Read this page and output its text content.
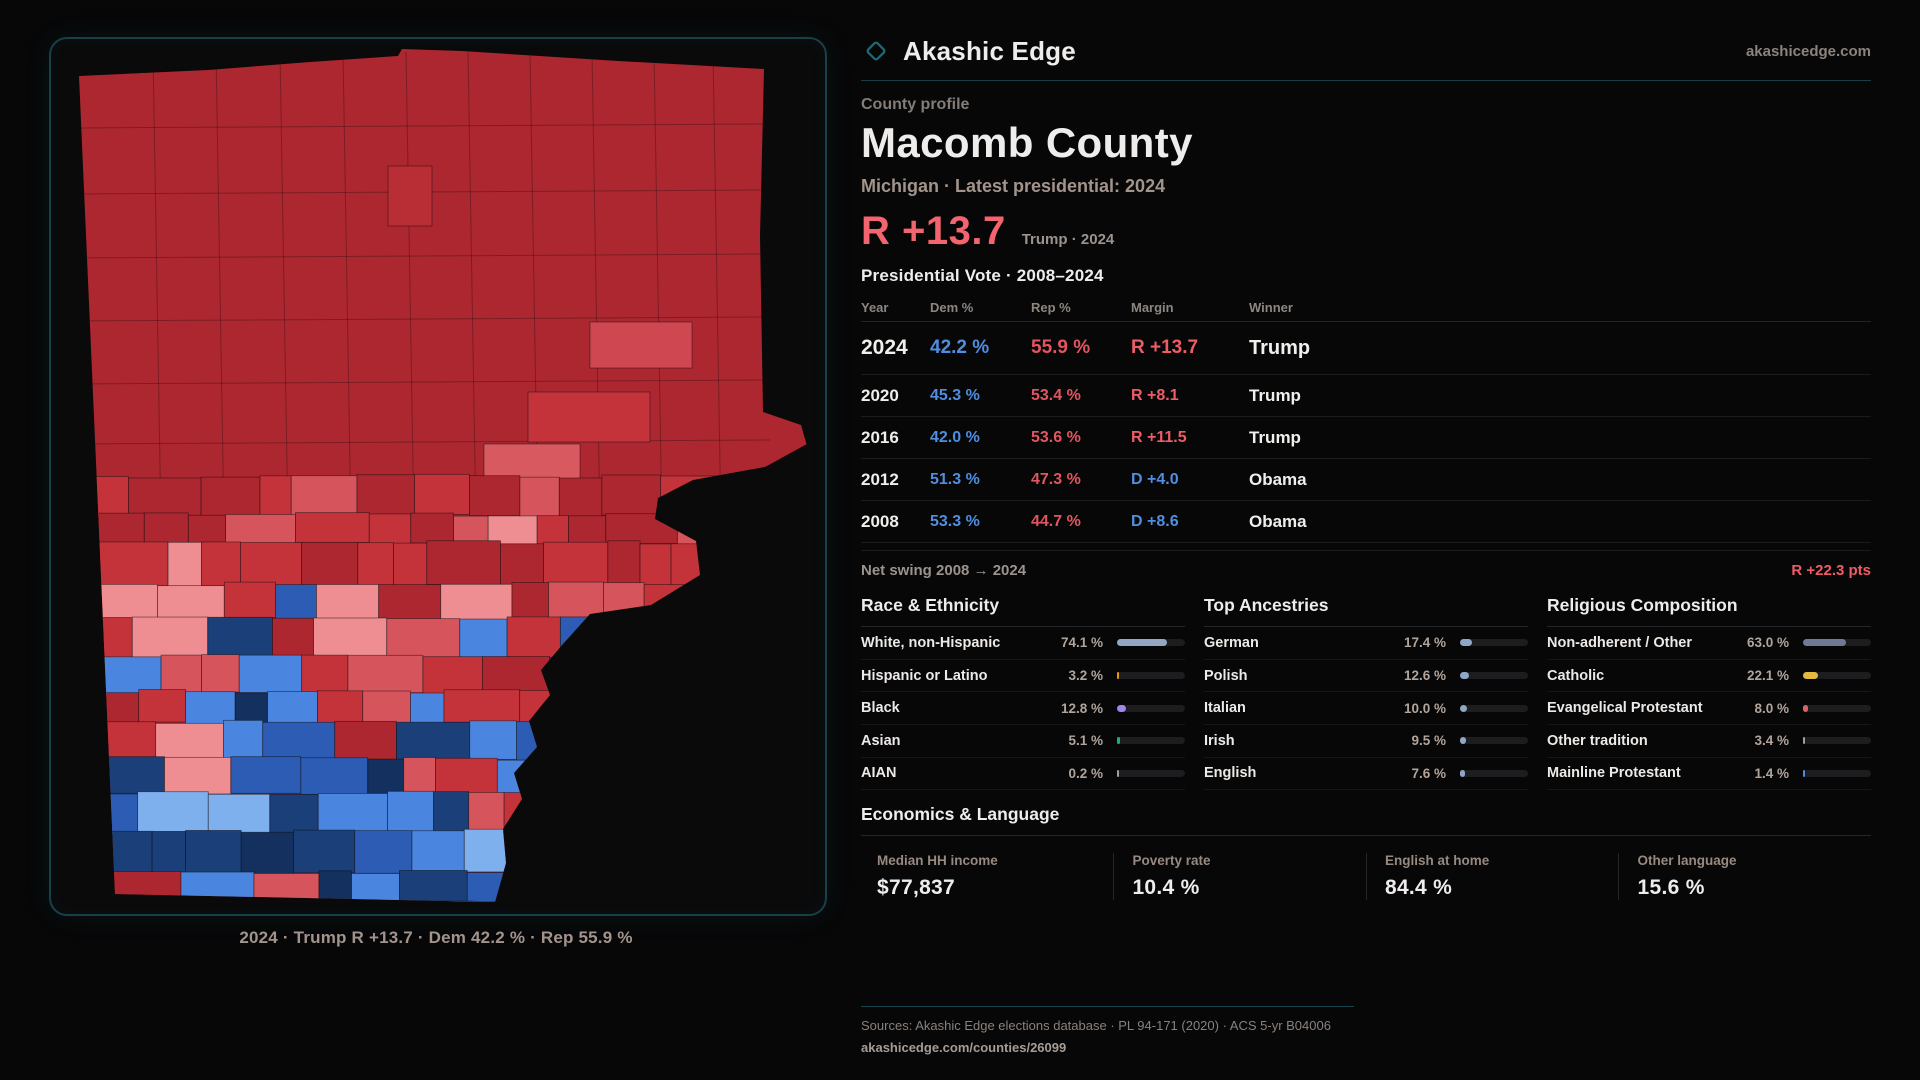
2024 · Trump R +13.7 · Dem 42.2 % · Rep 55.9 %
Akashic Edge	akashicedge.com
County profile
Macomb County
Michigan · Latest presidential: 2024
R +13.7 Trump · 2024
Presidential Vote · 2008–2024
Year	Dem %	Rep %	Margin	Winner
2024	42.2 %	55.9 %	R +13.7	Trump
2020	45.3 %	53.4 %	R +8.1	Trump
2016	42.0 %	53.6 %	R +11.5	Trump
2012	51.3 %	47.3 %	D +4.0	Obama
2008	53.3 %	44.7 %	D +8.6	Obama
Net swing 2008 → 2024	R +22.3 pts
Race & Ethnicity
White, non-Hispanic	74.1 %
Hispanic or Latino	3.2 %
Black	12.8 %
Asian	5.1 %
AIAN	0.2 %
Top Ancestries
German	17.4 %
Polish	12.6 %
Italian	10.0 %
Irish	9.5 %
English	7.6 %
Religious Composition
Non-adherent / Other	63.0 %
Catholic	22.1 %
Evangelical Protestant	8.0 %
Other tradition	3.4 %
Mainline Protestant	1.4 %
Economics & Language
Median HH income
$77,837
Poverty rate
10.4 %
English at home
84.4 %
Other language
15.6 %
Sources: Akashic Edge elections database · PL 94-171 (2020) · ACS 5-yr B04006
akashicedge.com/counties/26099
